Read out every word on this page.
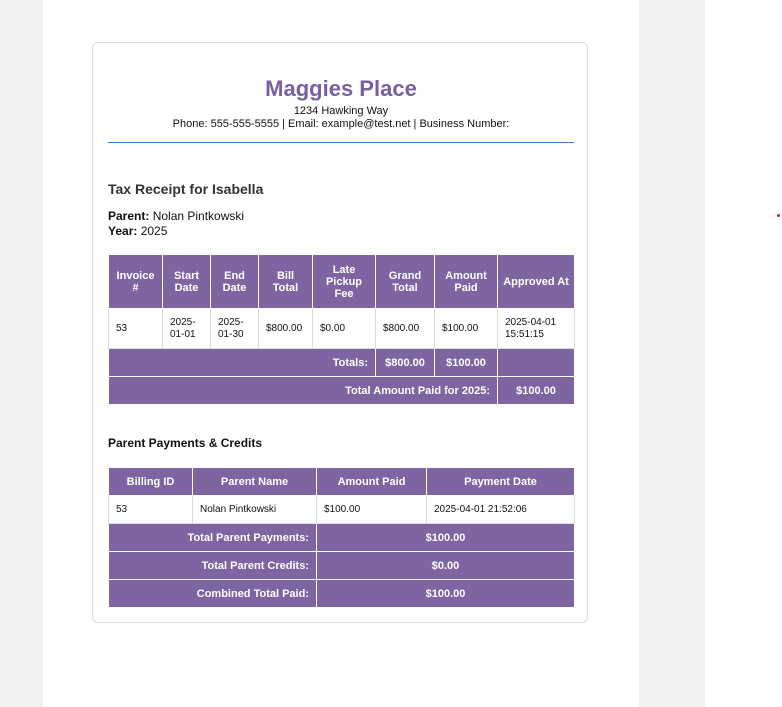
Maggies Place
1234 Hawking Way
Phone: 555-555-5555 | Email: example@test.net | Business Number:
Tax Receipt for Isabella
Parent: Nolan Pintkowski
Year: 2025
Invoice #	Start Date	End Date	Bill Total	Late Pickup Fee	Grand Total	Amount Paid	Approved At
53	2025-01-01	2025-01-30	$800.00	$0.00	$800.00	$100.00	2025-04-01 15:51:15
Totals:					$800.00	$100.00	
Total Amount Paid for 2025:							$100.00
Parent Payments & Credits
Billing ID	Parent Name	Amount Paid	Payment Date
53	Nolan Pintkowski	$100.00	2025-04-01 21:52:06
Total Parent Payments:		$100.00	
Total Parent Credits:		$0.00	
Combined Total Paid:		$100.00	
